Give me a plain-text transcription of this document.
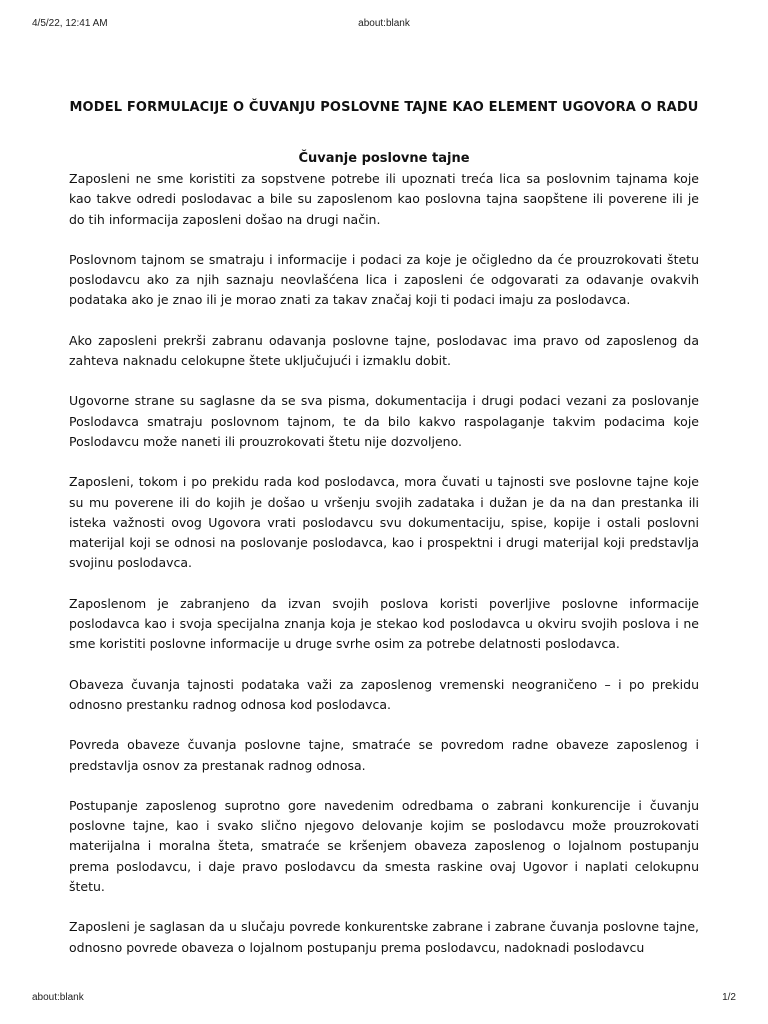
4/5/22, 12:41 AM	about:blank
MODEL FORMULACIJE O ČUVANJU POSLOVNE TAJNE KAO ELEMENT UGOVORA O RADU
Čuvanje poslovne tajne

Zaposleni ne sme koristiti za sopstvene potrebe ili upoznati treća lica sa poslovnim tajnama koje kao takve odredi poslodavac a bile su zaposlenom kao poslovna tajna saopštene ili poverene ili je do tih informacija zaposleni došao na drugi način.

Poslovnom tajnom se smatraju i informacije i podaci za koje je očigledno da će prouzrokovati štetu poslodavcu ako za njih saznaju neovlašćena lica i zaposleni će odgovarati za odavanje ovakvih podataka ako je znao ili je morao znati za takav značaj koji ti podaci imaju za poslodavca.

Ako zaposleni prekrši zabranu odavanja poslovne tajne, poslodavac ima pravo od zaposlenog da zahteva naknadu celokupne štete uključujući i izmaklu dobit.

Ugovorne strane su saglasne da se sva pisma, dokumentacija i drugi podaci vezani za poslovanje Poslodavca smatraju poslovnom tajnom, te da bilo kakvo raspolaganje takvim podacima koje Poslodavcu može naneti ili prouzrokovati štetu nije dozvoljeno.

Zaposleni, tokom i po prekidu rada kod poslodavca, mora čuvati u tajnosti sve poslovne tajne koje su mu poverene ili do kojih je došao u vršenju svojih zadataka i dužan je da na dan prestanka ili isteka važnosti ovog Ugovora vrati poslodavcu svu dokumentaciju, spise, kopije i ostali poslovni materijal koji se odnosi na poslovanje poslodavca, kao i prospektni i drugi materijal koji predstavlja svojinu poslodavca.

Zaposlenom je zabranjeno da izvan svojih poslova koristi poverljive poslovne informacije poslodavca kao i svoja specijalna znanja koja je stekao kod poslodavca u okviru svojih poslova i ne sme koristiti poslovne informacije u druge svrhe osim za potrebe delatnosti poslodavca.

Obaveza čuvanja tajnosti podataka važi za zaposlenog vremenski neograničeno – i po prekidu odnosno prestanku radnog odnosa kod poslodavca.

Povreda obaveze čuvanja poslovne tajne, smatraće se povredom radne obaveze zaposlenog i predstavlja osnov za prestanak radnog odnosa.

Postupanje zaposlenog suprotno gore navedenim odredbama o zabrani konkurencije i čuvanju poslovne tajne, kao i svako slično njegovo delovanje kojim se poslodavcu može prouzrokovati materijalna i moralna šteta, smatraće se kršenjem obaveza zaposlenog o lojalnom postupanju prema poslodavcu, i daje pravo poslodavcu da smesta raskine ovaj Ugovor i naplati celokupnu štetu.

Zaposleni je saglasan da u slučaju povrede konkurentske zabrane i zabrane čuvanja poslovne tajne, odnosno povrede obaveza o lojalnom postupanju prema poslodavcu, nadoknadi poslodavcu

about:blank	1/2
